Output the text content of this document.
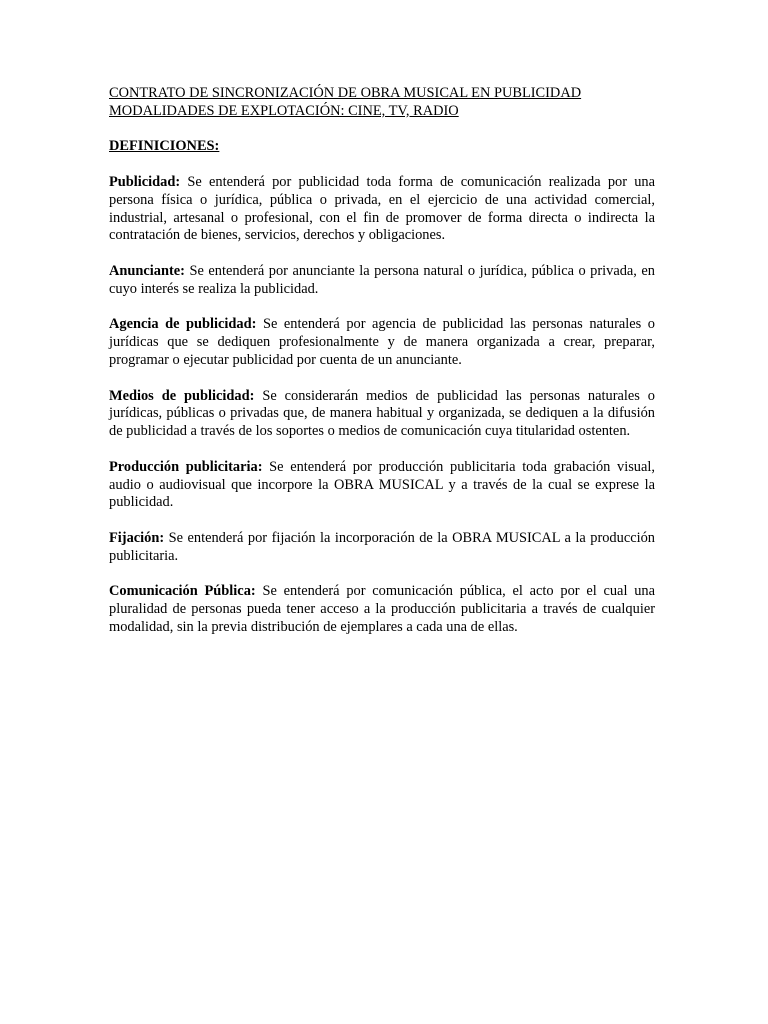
CONTRATO DE SINCRONIZACIÓN DE OBRA MUSICAL EN PUBLICIDAD
MODALIDADES DE EXPLOTACIÓN: CINE, TV, RADIO
DEFINICIONES:

Publicidad: Se entenderá por publicidad toda forma de comunicación realizada por una persona física o jurídica, pública o privada, en el ejercicio de una actividad comercial, industrial, artesanal o profesional, con el fin de promover de forma directa o indirecta la contratación de bienes, servicios, derechos y obligaciones.

Anunciante: Se entenderá por anunciante la persona natural o jurídica, pública o privada, en cuyo interés se realiza la publicidad.

Agencia de publicidad: Se entenderá por agencia de publicidad las personas naturales o jurídicas que se dediquen profesionalmente y de manera organizada a crear, preparar, programar o ejecutar publicidad por cuenta de un anunciante.

Medios de publicidad: Se considerarán medios de publicidad las personas naturales o jurídicas, públicas o privadas que, de manera habitual y organizada, se dediquen a la difusión de publicidad a través de los soportes o medios de comunicación cuya titularidad ostenten.

Producción publicitaria: Se entenderá por producción publicitaria toda grabación visual, audio o audiovisual que incorpore la OBRA MUSICAL y a través de la cual se exprese la publicidad.

Fijación: Se entenderá por fijación la incorporación de la OBRA MUSICAL a la producción publicitaria.

Comunicación Pública: Se entenderá por comunicación pública, el acto por el cual una pluralidad de personas pueda tener acceso a la producción publicitaria a través de cualquier modalidad, sin la previa distribución de ejemplares a cada una de ellas.
